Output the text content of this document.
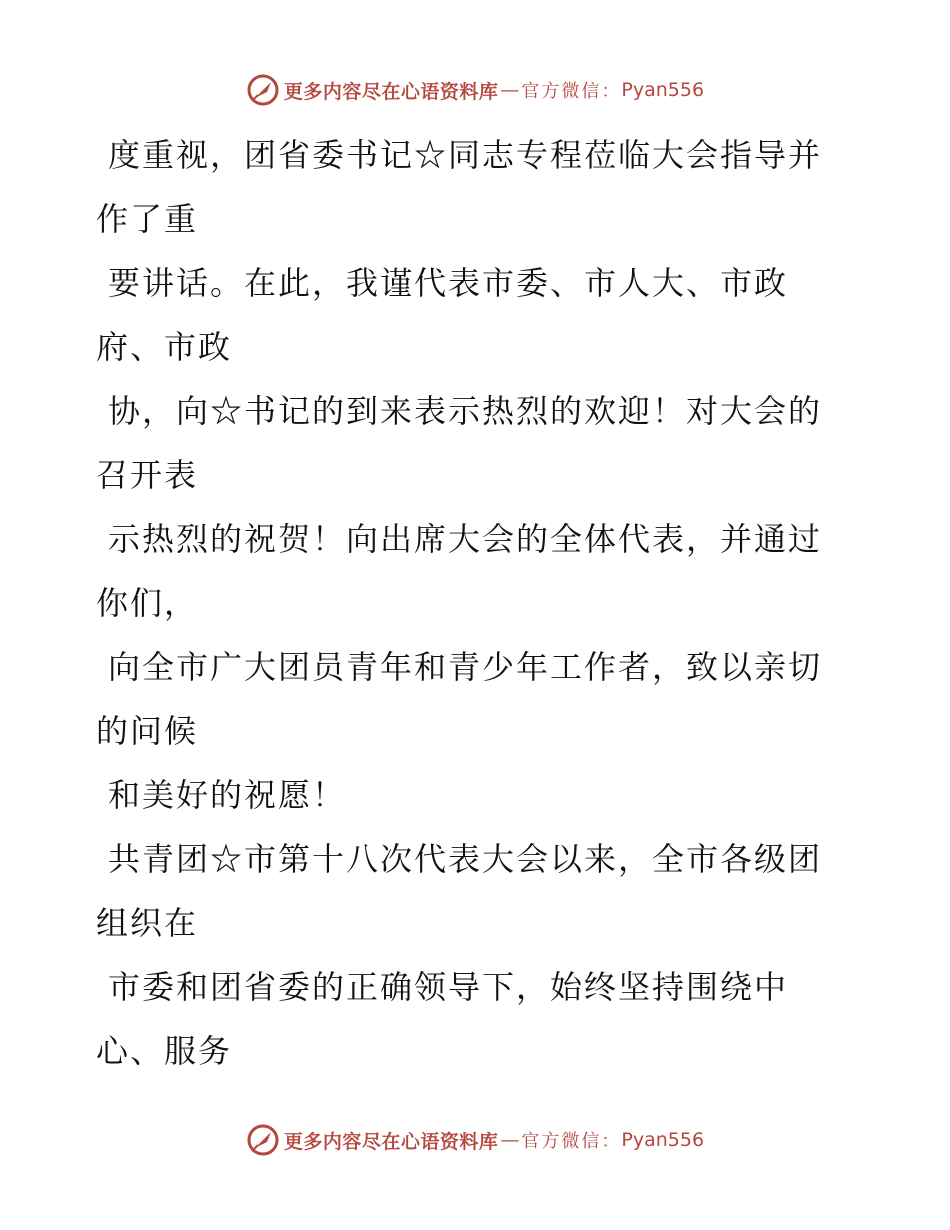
更多内容尽在心语资料库 — 官方微信： Pyan556

度重视，团省委书记☆同志专程莅临大会指导并
作了重

要讲话。在此，我谨代表市委、市人大、市政
府、市政

协，向☆书记的到来表示热烈的欢迎！对大会的
召开表

示热烈的祝贺！向出席大会的全体代表，并通过
你们，

向全市广大团员青年和青少年工作者，致以亲切
的问候

和美好的祝愿！

共青团☆市第十八次代表大会以来，全市各级团
组织在

市委和团省委的正确领导下，始终坚持围绕中
心、服务

更多内容尽在心语资料库 — 官方微信： Pyan556
